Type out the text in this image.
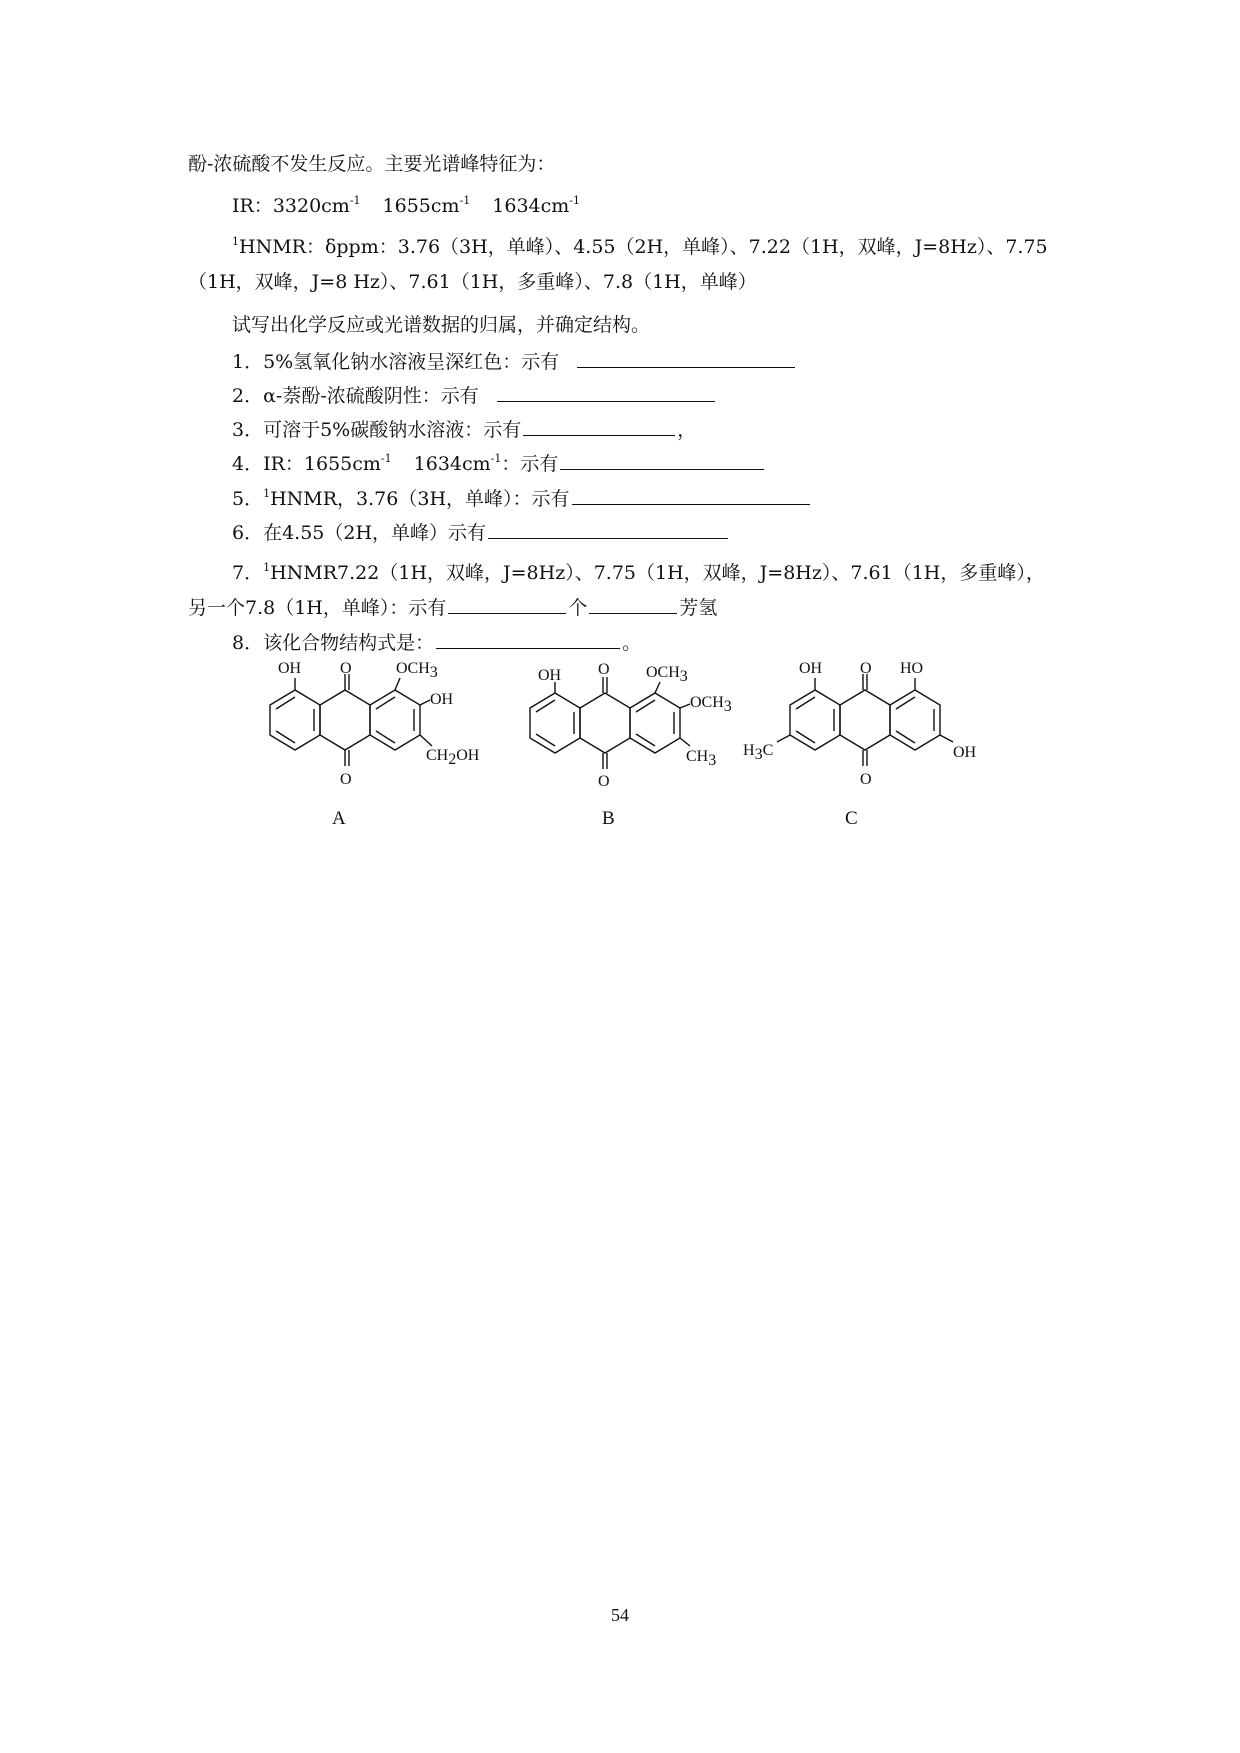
酚-浓硫酸不发生反应。主要光谱峰特征为：
IR：$3320cm^{-1}$ $1655cm^{-1}$ $1634cm^{-1}$
$^1$HNMR：δppm：3.76（3H，单峰）、4.55（2H，单峰）、7.22（1H，双峰，J=8Hz）、7.75
（1H，双峰，J=8 Hz）、7.61（1H，多重峰）、7.8（1H，单峰）
试写出化学反应或光谱数据的归属，并确定结构。
1．5%氢氧化钠水溶液呈深红色：示有
2．α-萘酚-浓硫酸阴性：示有
3．可溶于5%碳酸钠水溶液：示有	，
4．IR：$1655cm^{-1}$ $1634cm^{-1}$：示有
5．$^1$HNMR，3.76（3H，单峰）：示有
6．在4.55（2H，单峰）示有
7．$^1$HNMR7.22（1H，双峰，J=8Hz）、7.75（1H，双峰，J=8Hz）、7.61（1H，多重峰），
另一个7.8（1H，单峰）：示有	个	芳氢
8．该化合物结构式是：	。
OH O
O
OCH3
OH
CH2OH
A
OH O
O
OCH3
OCH3
CH3
B
OH O HO
O
H3C	OH
C
54
